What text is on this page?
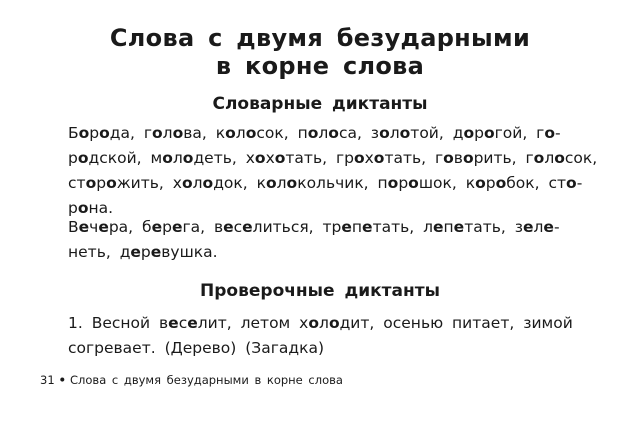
Слова с двумя безударными
в корне слова
Словарные диктанты
Борода, голова, колосок, полоса, золотой, дорогой, го-
родской, молодеть, хохотать, грохотать, говорить, голосок,
сторожить, холодок, колокольчик, порошок, коробок, сто-
рона.
Вечера, берега, веселиться, трепетать, лепетать, зеле-
неть, деревушка.
Проверочные диктанты
1. Весной веселит, летом холодит, осенью питает, зимой
согревает. (Дерево) (Загадка)
31 • Слова с двумя безударными в корне слова
